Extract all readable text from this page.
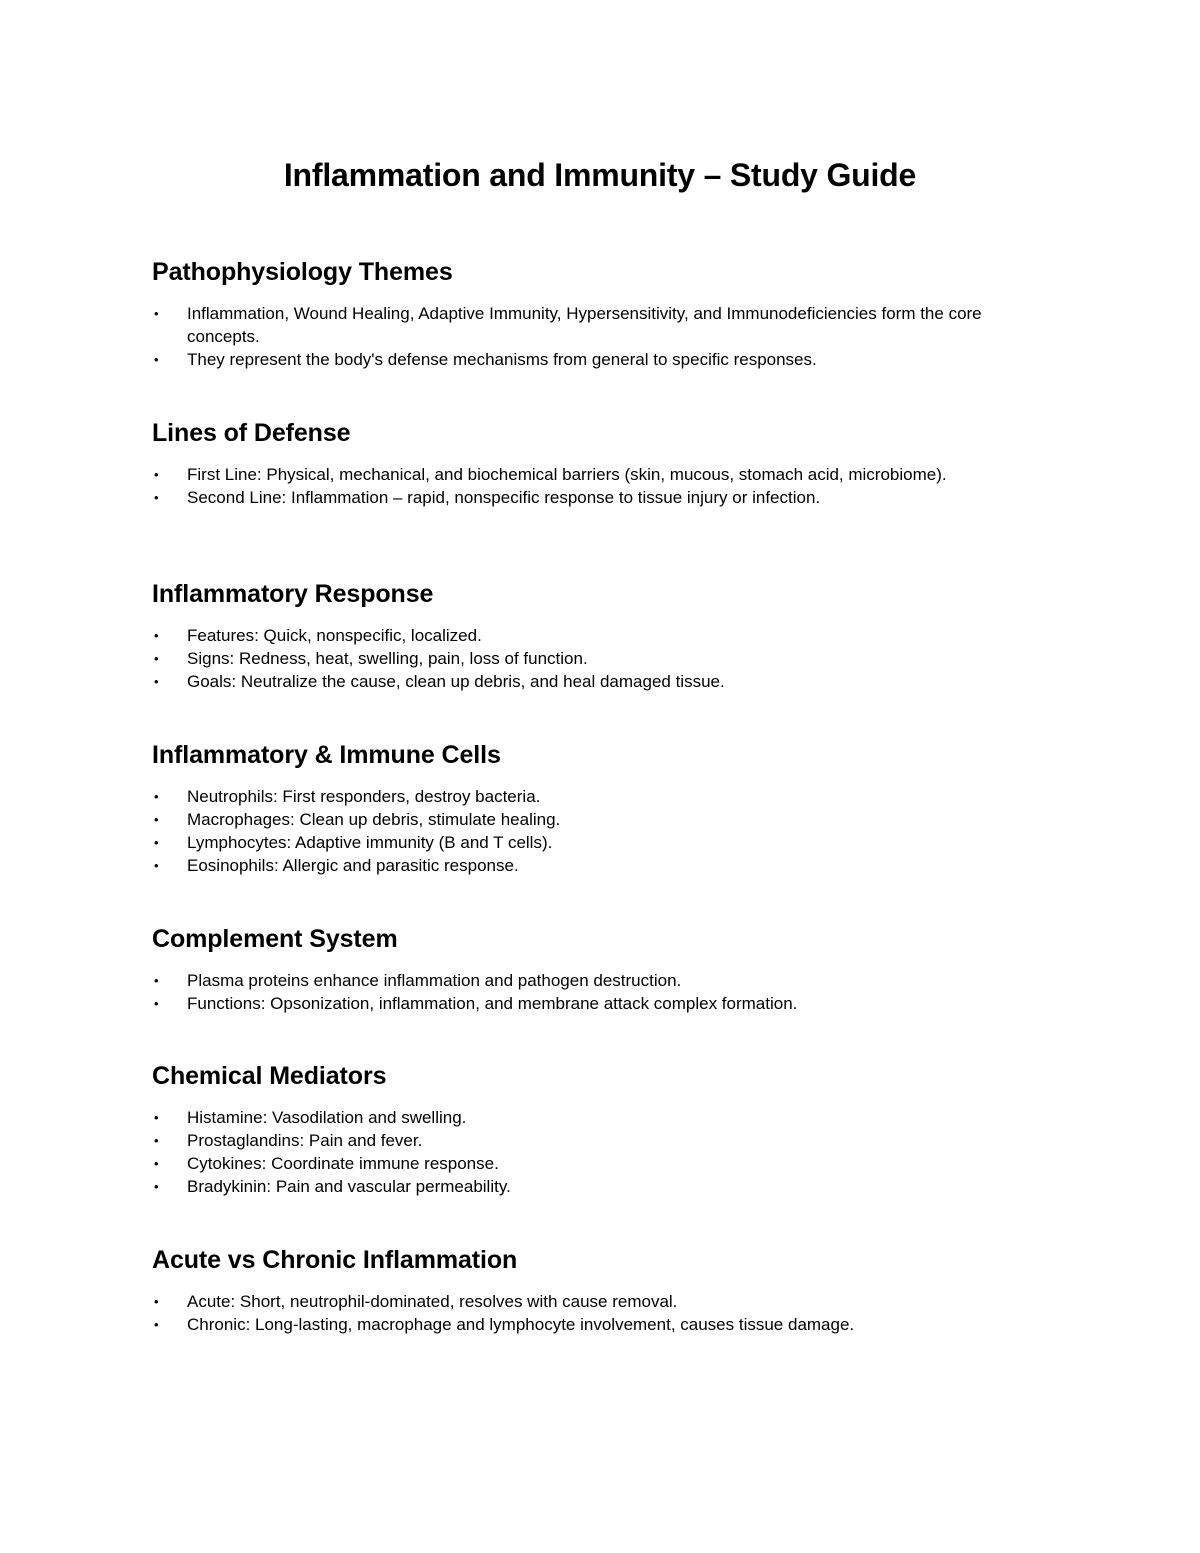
Inflammation and Immunity – Study Guide
Pathophysiology Themes
• Inflammation, Wound Healing, Adaptive Immunity, Hypersensitivity, and Immunodeficiencies form the core concepts.
• They represent the body's defense mechanisms from general to specific responses.
Lines of Defense
• First Line: Physical, mechanical, and biochemical barriers (skin, mucous, stomach acid, microbiome).
• Second Line: Inflammation – rapid, nonspecific response to tissue injury or infection.
Inflammatory Response
• Features: Quick, nonspecific, localized.
• Signs: Redness, heat, swelling, pain, loss of function.
• Goals: Neutralize the cause, clean up debris, and heal damaged tissue.
Inflammatory & Immune Cells
• Neutrophils: First responders, destroy bacteria.
• Macrophages: Clean up debris, stimulate healing.
• Lymphocytes: Adaptive immunity (B and T cells).
• Eosinophils: Allergic and parasitic response.
Complement System
• Plasma proteins enhance inflammation and pathogen destruction.
• Functions: Opsonization, inflammation, and membrane attack complex formation.
Chemical Mediators
• Histamine: Vasodilation and swelling.
• Prostaglandins: Pain and fever.
• Cytokines: Coordinate immune response.
• Bradykinin: Pain and vascular permeability.
Acute vs Chronic Inflammation
• Acute: Short, neutrophil-dominated, resolves with cause removal.
• Chronic: Long-lasting, macrophage and lymphocyte involvement, causes tissue damage.
